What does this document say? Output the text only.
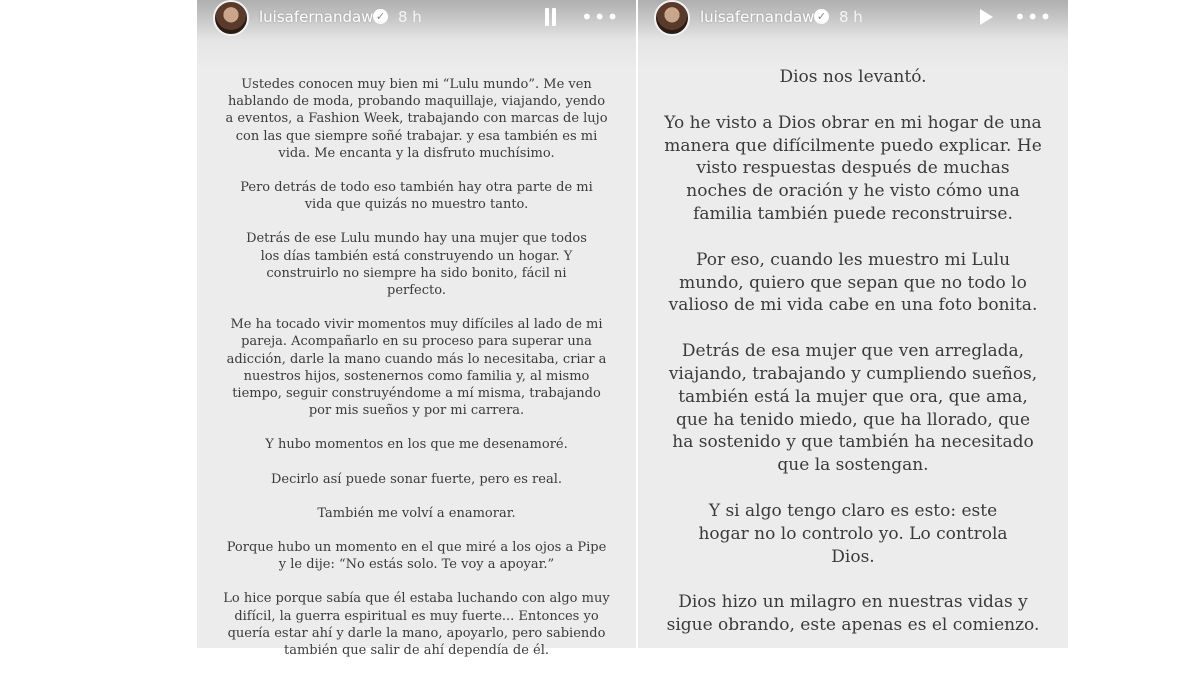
luisafernandaw ✓ 8 h	•••

Ustedes conocen muy bien mi “Lulu mundo”. Me ven hablando de moda, probando maquillaje, viajando, yendo a eventos, a Fashion Week, trabajando con marcas de lujo con las que siempre soñé trabajar. y esa también es mi vida. Me encanta y la disfruto muchísimo.

Pero detrás de todo eso también hay otra parte de mi vida que quizás no muestro tanto.

Detrás de ese Lulu mundo hay una mujer que todos los días también está construyendo un hogar. Y construirlo no siempre ha sido bonito, fácil ni perfecto.

Me ha tocado vivir momentos muy difíciles al lado de mi pareja. Acompañarlo en su proceso para superar una adicción, darle la mano cuando más lo necesitaba, criar a nuestros hijos, sostenernos como familia y, al mismo tiempo, seguir construyéndome a mí misma, trabajando por mis sueños y por mi carrera.

Y hubo momentos en los que me desenamoré.

Decirlo así puede sonar fuerte, pero es real.

También me volví a enamorar.

Porque hubo un momento en el que miré a los ojos a Pipe y le dije: “No estás solo. Te voy a apoyar.”

Lo hice porque sabía que él estaba luchando con algo muy difícil, la guerra espiritual es muy fuerte... Entonces yo quería estar ahí y darle la mano, apoyarlo, pero sabiendo también que salir de ahí dependía de él.

luisafernandaw ✓ 8 h	•••

Dios nos levantó.

Yo he visto a Dios obrar en mi hogar de una manera que difícilmente puedo explicar. He visto respuestas después de muchas noches de oración y he visto cómo una familia también puede reconstruirse.

Por eso, cuando les muestro mi Lulu mundo, quiero que sepan que no todo lo valioso de mi vida cabe en una foto bonita.

Detrás de esa mujer que ven arreglada, viajando, trabajando y cumpliendo sueños, también está la mujer que ora, que ama, que ha tenido miedo, que ha llorado, que ha sostenido y que también ha necesitado que la sostengan.

Y si algo tengo claro es esto: este hogar no lo controlo yo. Lo controla Dios.

Dios hizo un milagro en nuestras vidas y sigue obrando, este apenas es el comienzo.
